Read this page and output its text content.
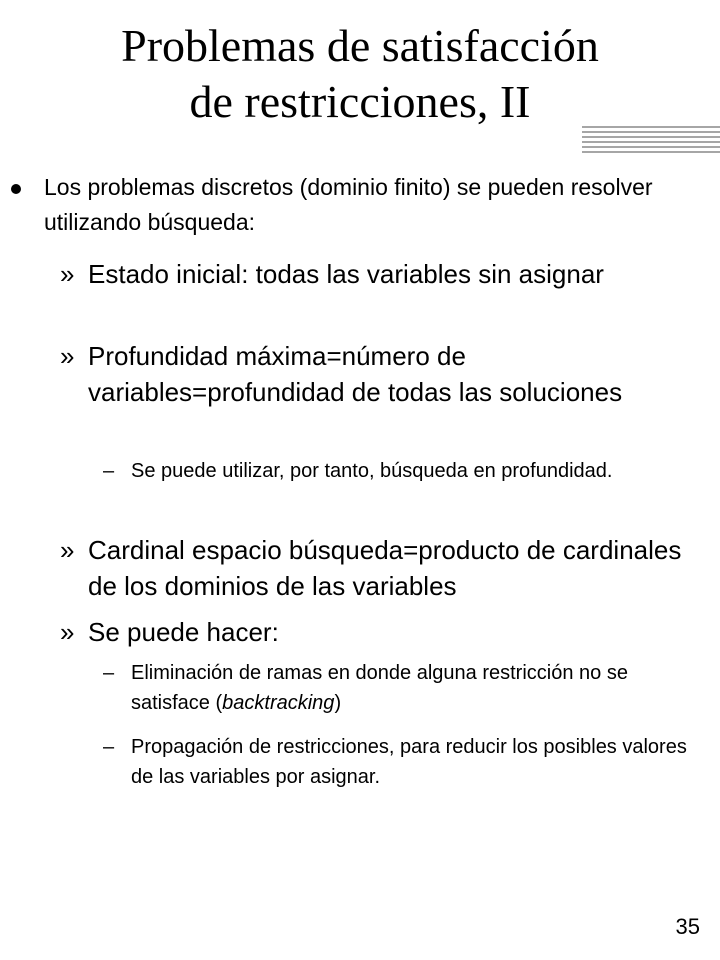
Problemas de satisfacción
de restricciones, II

Los problemas discretos (dominio finito) se pueden resolver utilizando búsqueda:

» Estado inicial: todas las variables sin asignar

» Profundidad máxima=número de variables=profundidad de todas las soluciones

– Se puede utilizar, por tanto, búsqueda en profundidad.

» Cardinal espacio búsqueda=producto de cardinales de los dominios de las variables

» Se puede hacer:

– Eliminación de ramas en donde alguna restricción no se satisface (backtracking)

– Propagación de restricciones, para reducir los posibles valores de las variables por asignar.

35
